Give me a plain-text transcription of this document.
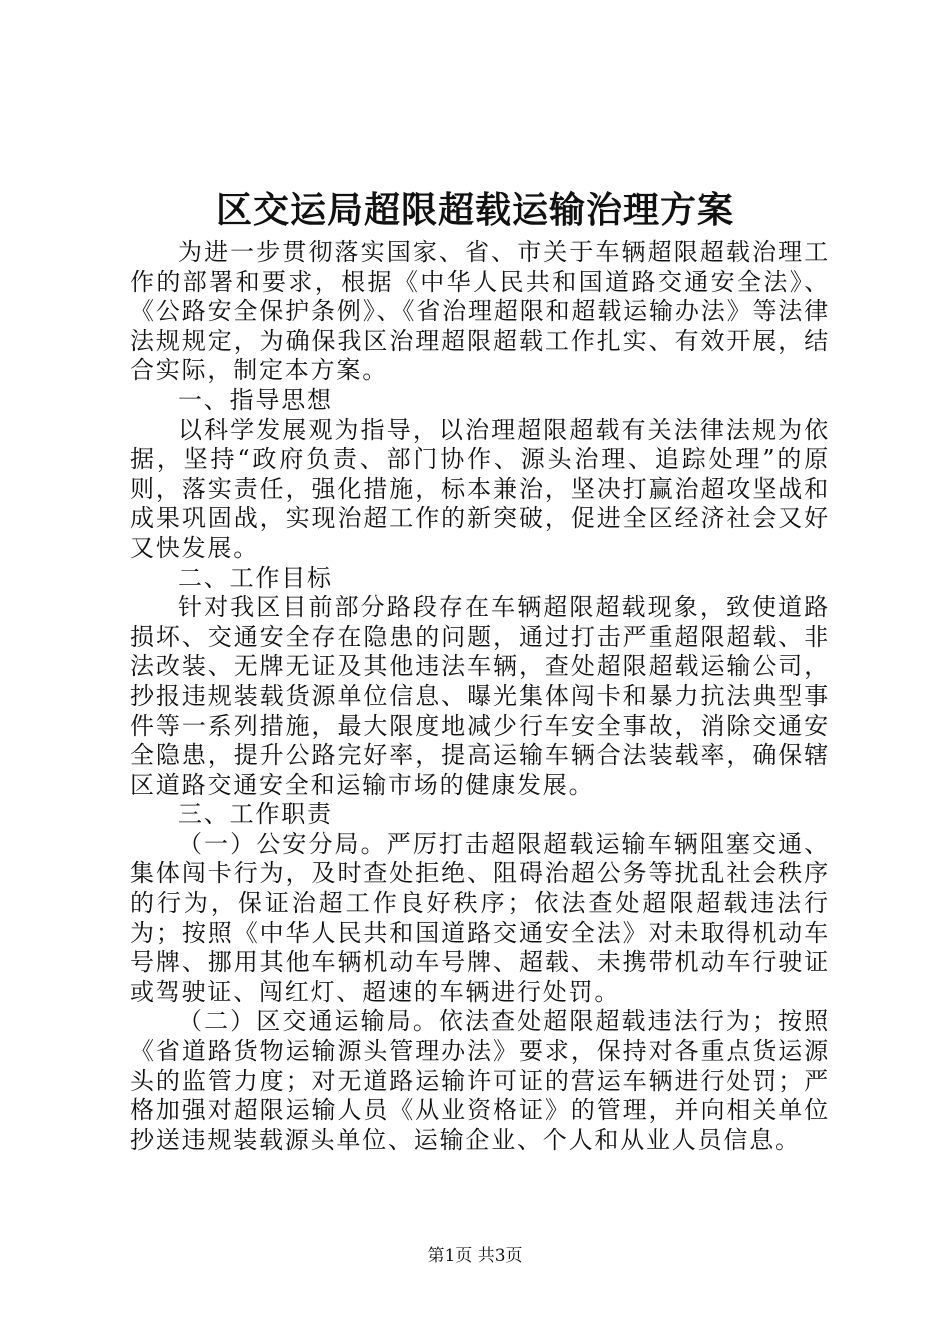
区交运局超限超载运输治理方案

为进一步贯彻落实国家、省、市关于车辆超限超载治理工作的部署和要求，根据《中华人民共和国道路交通安全法》、《公路安全保护条例》、《省治理超限和超载运输办法》等法律法规规定，为确保我区治理超限超载工作扎实、有效开展，结合实际，制定本方案。

一、指导思想

以科学发展观为指导，以治理超限超载有关法律法规为依据，坚持“政府负责、部门协作、源头治理、追踪处理”的原则，落实责任，强化措施，标本兼治，坚决打赢治超攻坚战和成果巩固战，实现治超工作的新突破，促进全区经济社会又好又快发展。

二、工作目标

针对我区目前部分路段存在车辆超限超载现象，致使道路损坏、交通安全存在隐患的问题，通过打击严重超限超载、非法改装、无牌无证及其他违法车辆，查处超限超载运输公司，抄报违规装载货源单位信息、曝光集体闯卡和暴力抗法典型事件等一系列措施，最大限度地减少行车安全事故，消除交通安全隐患，提升公路完好率，提高运输车辆合法装载率，确保辖区道路交通安全和运输市场的健康发展。

三、工作职责

（一）公安分局。严厉打击超限超载运输车辆阻塞交通、集体闯卡行为，及时查处拒绝、阻碍治超公务等扰乱社会秩序的行为，保证治超工作良好秩序；依法查处超限超载违法行为；按照《中华人民共和国道路交通安全法》对未取得机动车号牌、挪用其他车辆机动车号牌、超载、未携带机动车行驶证或驾驶证、闯红灯、超速的车辆进行处罚。

（二）区交通运输局。依法查处超限超载违法行为；按照《省道路货物运输源头管理办法》要求，保持对各重点货运源头的监管力度；对无道路运输许可证的营运车辆进行处罚；严格加强对超限运输人员《从业资格证》的管理，并向相关单位抄送违规装载源头单位、运输企业、个人和从业人员信息。

第1页 共3页
